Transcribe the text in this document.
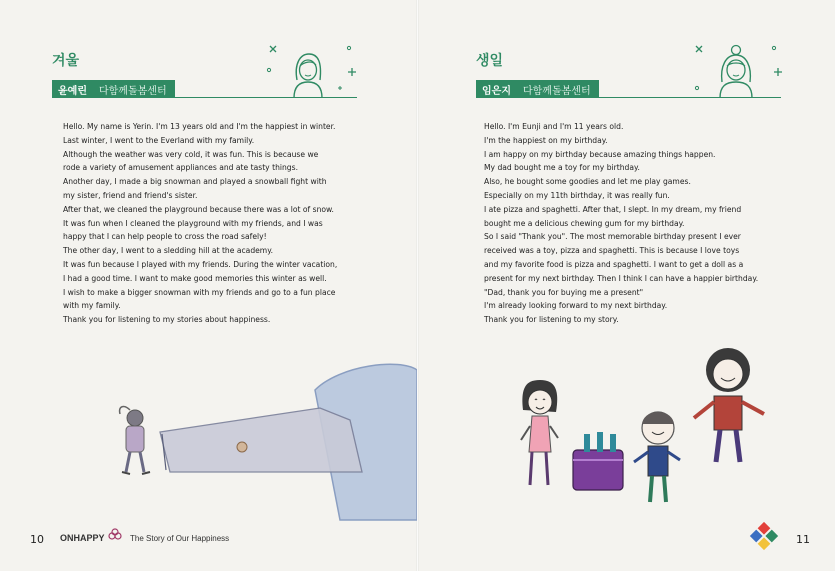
겨울
윤예린	다함께돌봄센터

Hello. My name is Yerin. I'm 13 years old and I'm the happiest in winter.

Last winter, I went to the Everland with my family.

Although the weather was very cold, it was fun. This is because we

rode a variety of amusement appliances and ate tasty things.

Another day, I made a big snowman and played a snowball fight with

my sister, friend and friend's sister.

After that, we cleaned the playground because there was a lot of snow.

It was fun when I cleaned the playground with my friends, and I was

happy that I can help people to cross the road safely!

The other day, I went to a sledding hill at the academy.

It was fun because I played with my friends. During the winter vacation,

I had a good time. I want to make good memories this winter as well.

I wish to make a bigger snowman with my friends and go to a fun place

with my family.

Thank you for listening to my stories about happiness.

10 ONHAPPY	The Story of Our Happiness
생일
임은지	다함께돌봄센터

Hello. I'm Eunji and I'm 11 years old.

I'm the happiest on my birthday.

I am happy on my birthday because amazing things happen.

My dad bought me a toy for my birthday.

Also, he bought some goodies and let me play games.

Especially on my 11th birthday, it was really fun.

I ate pizza and spaghetti. After that, I slept. In my dream, my friend

bought me a delicious chewing gum for my birthday.

So I said "Thank you". The most memorable birthday present I ever

received was a toy, pizza and spaghetti. This is because I love toys

and my favorite food is pizza and spaghetti. I want to get a doll as a

present for my next birthday. Then I think I can have a happier birthday.

"Dad, thank you for buying me a present"

I'm already looking forward to my next birthday.

Thank you for listening to my story.

11
